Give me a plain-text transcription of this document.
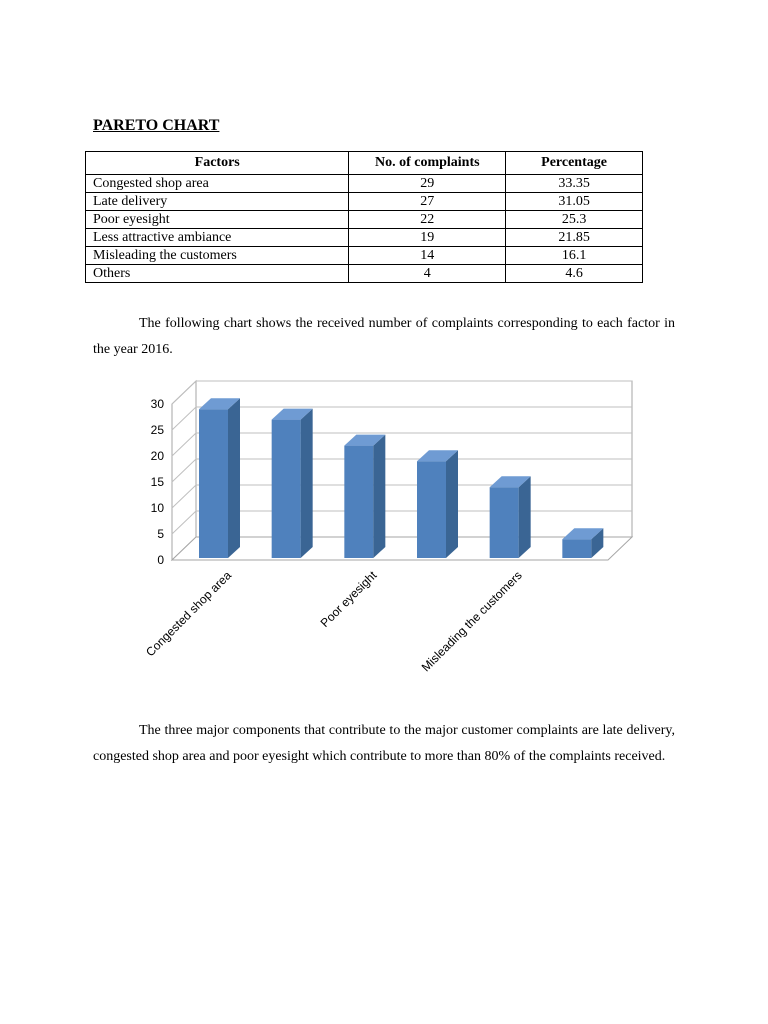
PARETO CHART
Factors	No. of complaints	Percentage
Congested shop area	29	33.35
Late delivery	27	31.05
Poor eyesight	22	25.3
Less attractive ambiance	19	21.85
Misleading the customers	14	16.1
Others	4	4.6

The following chart shows the received number of complaints corresponding to each factor in the year 2016.

0
5
10
15
20
25
30
Congested shop area	Poor eyesight	Misleading the customers

The three major components that contribute to the major customer complaints are late delivery, congested shop area and poor eyesight which contribute to more than 80% of the complaints received.
